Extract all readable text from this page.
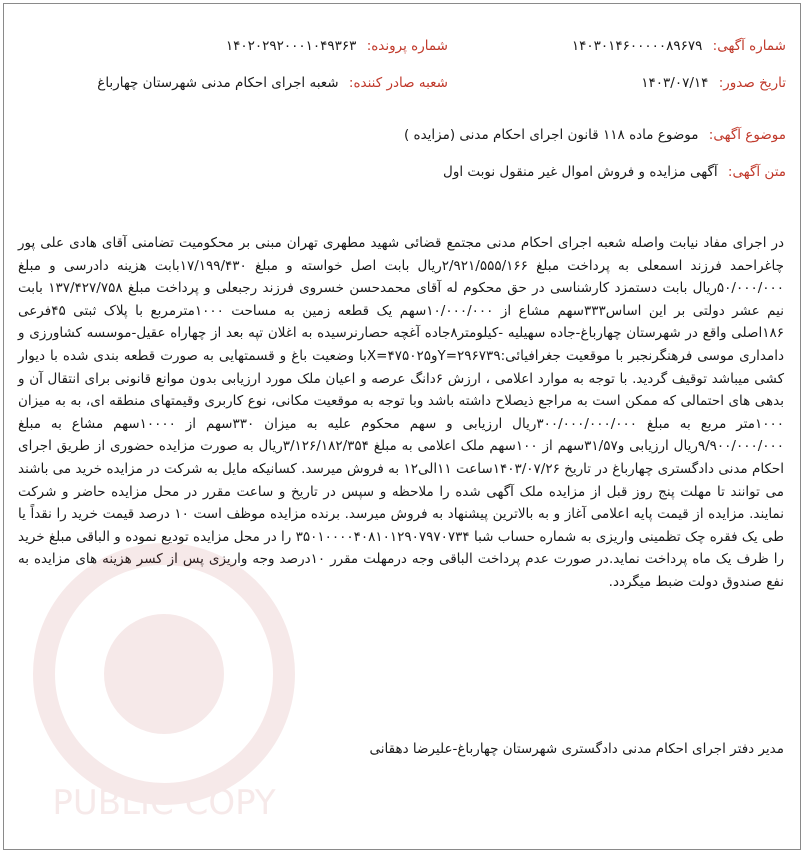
شماره آگهی: ۱۴۰۳۰۱۴۶۰۰۰۰۰۸۹۶۷۹
شماره پرونده: ۱۴۰۲۰۲۹۲۰۰۰۱۰۴۹۳۶۳
تاریخ صدور: ۱۴۰۳/۰۷/۱۴
شعبه صادر کننده: شعبه اجرای احکام مدنی شهرستان چهارباغ
موضوع آگهی: موضوع ماده ۱۱۸ قانون اجرای احکام مدنی (مزایده )
متن آگهی: آگهی مزایده و فروش اموال غیر منقول نوبت اول

در اجرای مفاد نیابت واصله شعبه اجرای احکام مدنی مجتمع قضائی شهید مطهری تهران مبنی بر محکومیت تضامنی آقای هادی علی پور چاغراحمد فرزند اسمعلی به پرداخت مبلغ ۲/۹۲۱/۵۵۵/۱۶۶ریال بابت اصل خواسته و مبلغ ۱۷/۱۹۹/۴۳۰بابت هزینه دادرسی و مبلغ ۵۰/۰۰۰/۰۰۰ریال بابت دستمزد کارشناسی در حق محکوم له آقای محمدحسن خسروی فرزند رجبعلی و پرداخت مبلغ ۱۳۷/۴۲۷/۷۵۸ بابت نیم عشر دولتی بر این اساس۳۳۳سهم مشاع از ۱۰/۰۰۰/۰۰۰سهم یک قطعه زمین به مساحت ۱۰۰۰مترمربع با پلاک ثبتی ۴۵فرعی ۱۸۶اصلی واقع در شهرستان چهارباغ-جاده سهیلیه -کیلومتر۸جاده آغچه حصارنرسیده به اغلان تپه بعد از چهاراه عقیل-موسسه کشاورزی و دامداری موسی فرهنگرنجبر با موقعیت جغرافیائی:Y=۲۹۶۷۳۹وX=۴۷۵۰۲۵با وضعیت باغ و قسمتهایی به صورت قطعه بندی شده با دیوار کشی میباشد توقیف گردید. با توجه به موارد اعلامی ، ارزش ۶دانگ عرصه و اعیان ملک مورد ارزیابی بدون موانع قانونی برای انتقال آن و بدهی های احتمالی که ممکن است به مراجع ذیصلاح داشته باشد وبا توجه به موقعیت مکانی، نوع کاربری وقیمتهای منطقه ای، به به میزان ۱۰۰۰متر مربع به مبلغ ۳۰۰/۰۰۰/۰۰۰/۰۰۰ریال ارزیابی و سهم محکوم علیه به میزان ۳۳۰سهم از ۱۰۰۰۰سهم مشاع به مبلغ ۹/۹۰۰/۰۰۰/۰۰۰ریال ارزیابی و۳۱/۵۷سهم از ۱۰۰سهم ملک اعلامی به مبلغ ۳/۱۲۶/۱۸۲/۳۵۴ریال به صورت مزایده حضوری از طریق اجرای احکام مدنی دادگستری چهارباغ در تاریخ ۱۴۰۳/۰۷/۲۶ساعت ۱۱الی۱۲ به فروش میرسد. کسانیکه مایل به شرکت در مزایده خرید می باشند می توانند تا مهلت پنج روز قبل از مزایده ملک آگهی شده را ملاحظه و سپس در تاریخ و ساعت مقرر در محل مزایده حاضر و شرکت نمایند. مزایده از قیمت پایه اعلامی آغاز و به بالاترین پیشنهاد به فروش میرسد. برنده مزایده موظف است ۱۰ درصد قیمت خرید را نقداً یا طی یک فقره چک تظمینی واریزی به شماره حساب شبا ۳۵۰۱۰۰۰۰۴۰۸۱۰۱۲۹۰۷۹۷۰۷۳۴ را در محل مزایده تودیع نموده و الباقی مبلغ خرید را ظرف یک ماه پرداخت نماید.در صورت عدم پرداخت الباقی وجه درمهلت مقرر ۱۰درصد وجه واریزی پس از کسر هزینه های مزایده به نفع صندوق دولت ضبط میگردد.

مدیر دفتر اجرای احکام مدنی دادگستری شهرستان چهارباغ-علیرضا دهقانی
PUBLIC COPY
